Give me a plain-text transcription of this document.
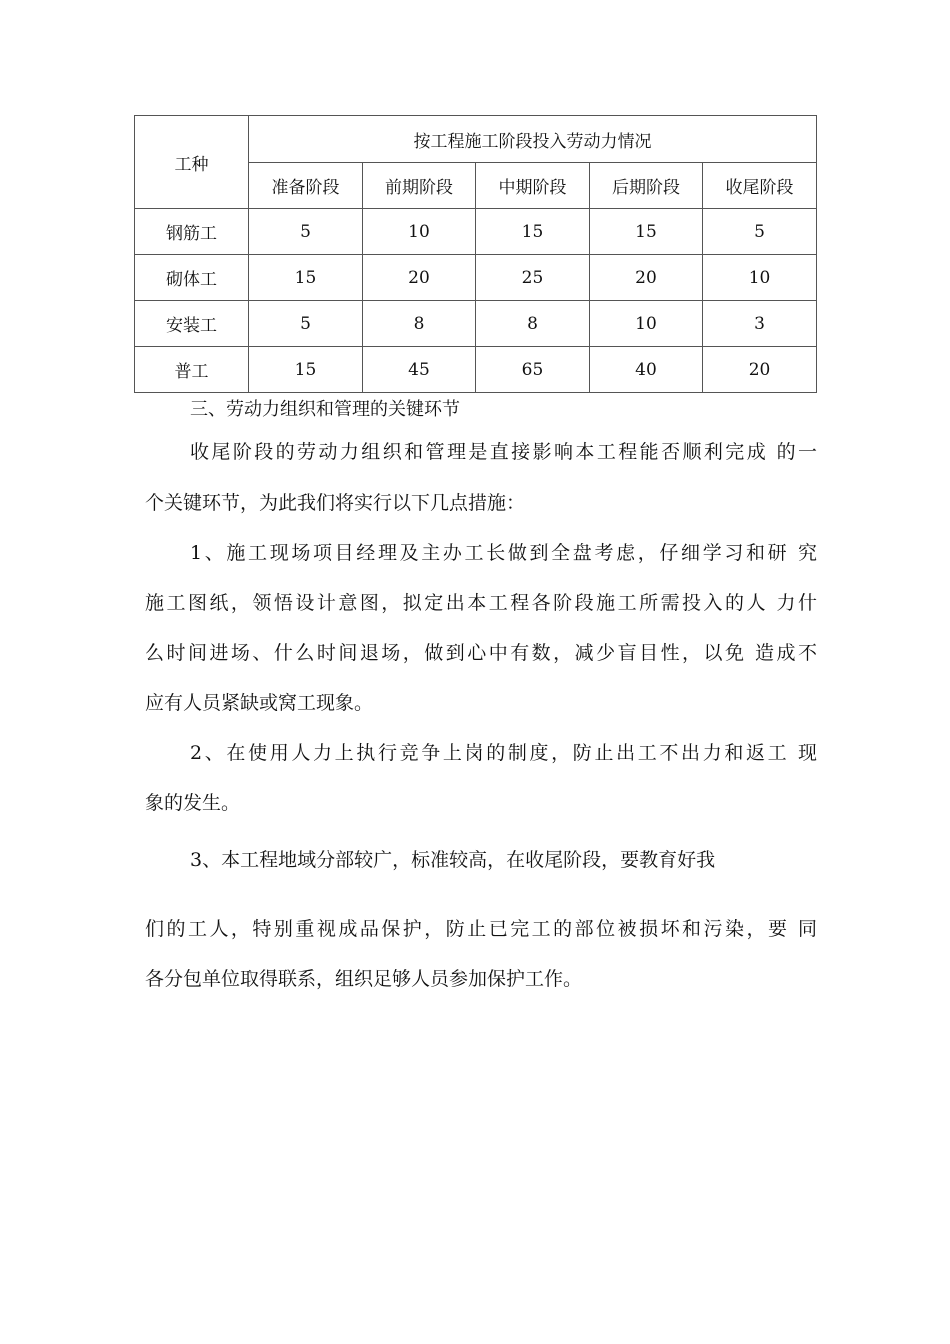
工种	按工程施工阶段投入劳动力情况				
	准备阶段	前期阶段	中期阶段	后期阶段	收尾阶段
钢筋工	5	10	15	15	5
砌体工	15	20	25	20	10
安装工	5	8	8	10	3
普工	15	45	65	40	20
三、劳动力组织和管理的关键环节
收尾阶段的劳动力组织和管理是直接影响本工程能否顺利完成 的一
个关键环节，为此我们将实行以下几点措施：
1、施工现场项目经理及主办工长做到全盘考虑，仔细学习和研 究
施工图纸，领悟设计意图，拟定出本工程各阶段施工所需投入的人 力什
么时间进场、什么时间退场，做到心中有数，减少盲目性，以免 造成不
应有人员紧缺或窝工现象。
2、在使用人力上执行竞争上岗的制度，防止出工不出力和返工 现
象的发生。
3、本工程地域分部较广，标准较高，在收尾阶段，要教育好我
们的工人，特别重视成品保护，防止已完工的部位被损坏和污染，要 同
各分包单位取得联系，组织足够人员参加保护工作。
